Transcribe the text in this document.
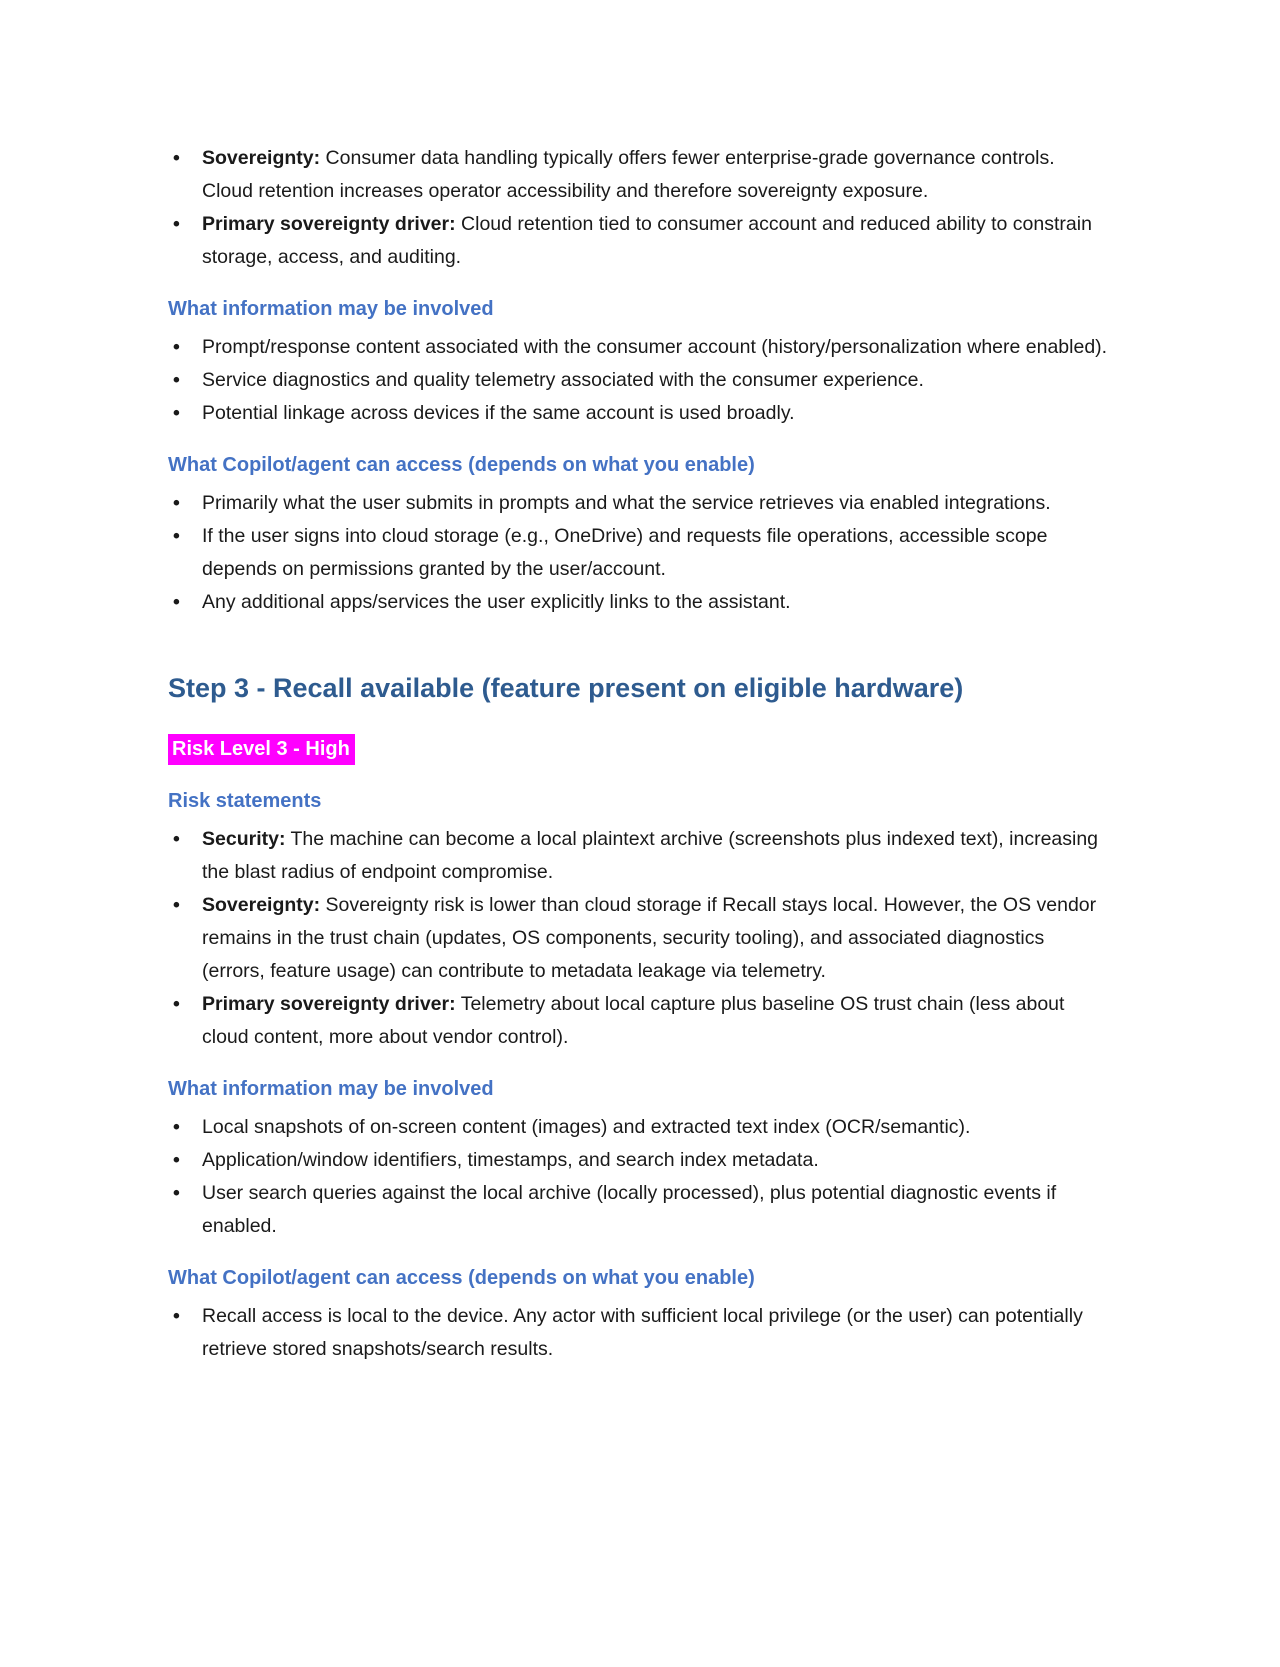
• Sovereignty: Consumer data handling typically offers fewer enterprise-grade governance controls. Cloud retention increases operator accessibility and therefore sovereignty exposure.
• Primary sovereignty driver: Cloud retention tied to consumer account and reduced ability to constrain storage, access, and auditing.
What information may be involved
• Prompt/response content associated with the consumer account (history/personalization where enabled).
• Service diagnostics and quality telemetry associated with the consumer experience.
• Potential linkage across devices if the same account is used broadly.
What Copilot/agent can access (depends on what you enable)
• Primarily what the user submits in prompts and what the service retrieves via enabled integrations.
• If the user signs into cloud storage (e.g., OneDrive) and requests file operations, accessible scope depends on permissions granted by the user/account.
• Any additional apps/services the user explicitly links to the assistant.
Step 3 - Recall available (feature present on eligible hardware)
Risk Level 3 - High
Risk statements
• Security: The machine can become a local plaintext archive (screenshots plus indexed text), increasing the blast radius of endpoint compromise.
• Sovereignty: Sovereignty risk is lower than cloud storage if Recall stays local. However, the OS vendor remains in the trust chain (updates, OS components, security tooling), and associated diagnostics (errors, feature usage) can contribute to metadata leakage via telemetry.
• Primary sovereignty driver: Telemetry about local capture plus baseline OS trust chain (less about cloud content, more about vendor control).
What information may be involved
• Local snapshots of on-screen content (images) and extracted text index (OCR/semantic).
• Application/window identifiers, timestamps, and search index metadata.
• User search queries against the local archive (locally processed), plus potential diagnostic events if enabled.
What Copilot/agent can access (depends on what you enable)
• Recall access is local to the device. Any actor with sufficient local privilege (or the user) can potentially retrieve stored snapshots/search results.
